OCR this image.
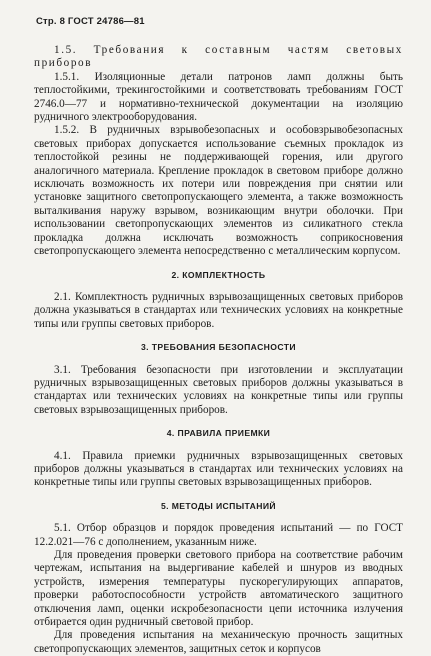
Стр. 8 ГОСТ 24786—81

1.5. Требования к составным частям световых приборов

1.5.1. Изоляционные детали патронов ламп должны быть теплостойкими, трекингостойкими и соответствовать требованиям ГОСТ 2746.0—77 и нормативно-технической документации на изоляцию рудничного электрооборудования.

1.5.2. В рудничных взрывобезопасных и особовзрывобезопасных световых приборах допускается использование съемных прокладок из теплостойкой резины не поддерживающей горения, или другого аналогичного материала. Крепление прокладок в световом приборе должно исключать возможность их потери или повреждения при снятии или установке защитного светопропускающего элемента, а также возможность выталкивания наружу взрывом, возникающим внутри оболочки. При использовании светопропускающих элементов из силикатного стекла прокладка должна исключать возможность соприкосновения светопропускающего элемента непосредственно с металлическим корпусом.

2. КОМПЛЕКТНОСТЬ

2.1. Комплектность рудничных взрывозащищенных световых приборов должна указываться в стандартах или технических условиях на конкретные типы или группы световых приборов.

3. ТРЕБОВАНИЯ БЕЗОПАСНОСТИ

3.1. Требования безопасности при изготовлении и эксплуатации рудничных взрывозащищенных световых приборов должны указываться в стандартах или технических условиях на конкретные типы или группы световых взрывозащищенных приборов.

4. ПРАВИЛА ПРИЕМКИ

4.1. Правила приемки рудничных взрывозащищенных световых приборов должны указываться в стандартах или технических условиях на конкретные типы или группы световых взрывозащищенных приборов.

5. МЕТОДЫ ИСПЫТАНИЙ

5.1. Отбор образцов и порядок проведения испытаний — по ГОСТ 12.2.021—76 с дополнением, указанным ниже.

Для проведения проверки светового прибора на соответствие рабочим чертежам, испытания на выдергивание кабелей и шнуров из вводных устройств, измерения температуры пускорегулирующих аппаратов, проверки работоспособности устройств автоматического защитного отключения ламп, оценки искробезопасности цепи источника излучения отбирается один рудничный световой прибор.

Для проведения испытания на механическую прочность защитных светопропускающих элементов, защитных сеток и корпусов
